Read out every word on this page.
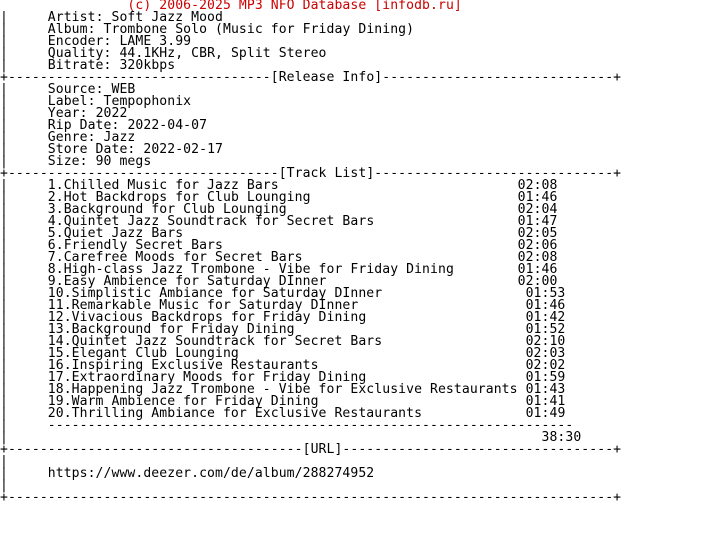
(c) 2006-2025 MP3 NFO Database [infodb.ru]
|     Artist: Soft Jazz Mood
|     Album: Trombone Solo (Music for Friday Dining)
|     Encoder: LAME 3.99
|     Quality: 44.1KHz, CBR, Split Stereo
|     Bitrate: 320kbps
+---------------------------------[Release Info]-----------------------------+
|     Source: WEB
|     Label: Tempophonix
|     Year: 2022
|     Rip Date: 2022-04-07
|     Genre: Jazz
|     Store Date: 2022-02-17
|     Size: 90 megs
+----------------------------------[Track List]------------------------------+
|     1.Chilled Music for Jazz Bars	02:08
|     2.Hot Backdrops for Club Lounging	01:46
|     3.Background for Club Lounging	02:04
|     4.Quintet Jazz Soundtrack for Secret Bars	01:47
|     5.Quiet Jazz Bars	02:05
|     6.Friendly Secret Bars	02:06
|     7.Carefree Moods for Secret Bars	02:08
|     8.High-class Jazz Trombone - Vibe for Friday Dining	01:46
|     9.Easy Ambience for Saturday DInner	02:00
|     10.Simplistic Ambiance for Saturday DInner	01:53
|     11.Remarkable Music for Saturday DInner	01:46
|     12.Vivacious Backdrops for Friday Dining	01:42
|     13.Background for Friday Dining	01:52
|     14.Quintet Jazz Soundtrack for Secret Bars	02:10
|     15.Elegant Club Lounging	02:03
|     16.Inspiring Exclusive Restaurants	02:02
|     17.Extraordinary Moods for Friday Dining	01:59
|     18.Happening Jazz Trombone - Vibe for Exclusive Restaurants 01:43
|     19.Warm Ambience for Friday Dining	01:41
|     20.Thrilling Ambiance for Exclusive Restaurants	01:49
|     ------------------------------------------------------------------
|                                                                   38:30
+-------------------------------------[URL]----------------------------------+
|
|     https://www.deezer.com/de/album/288274952
|
+----------------------------------------------------------------------------+
